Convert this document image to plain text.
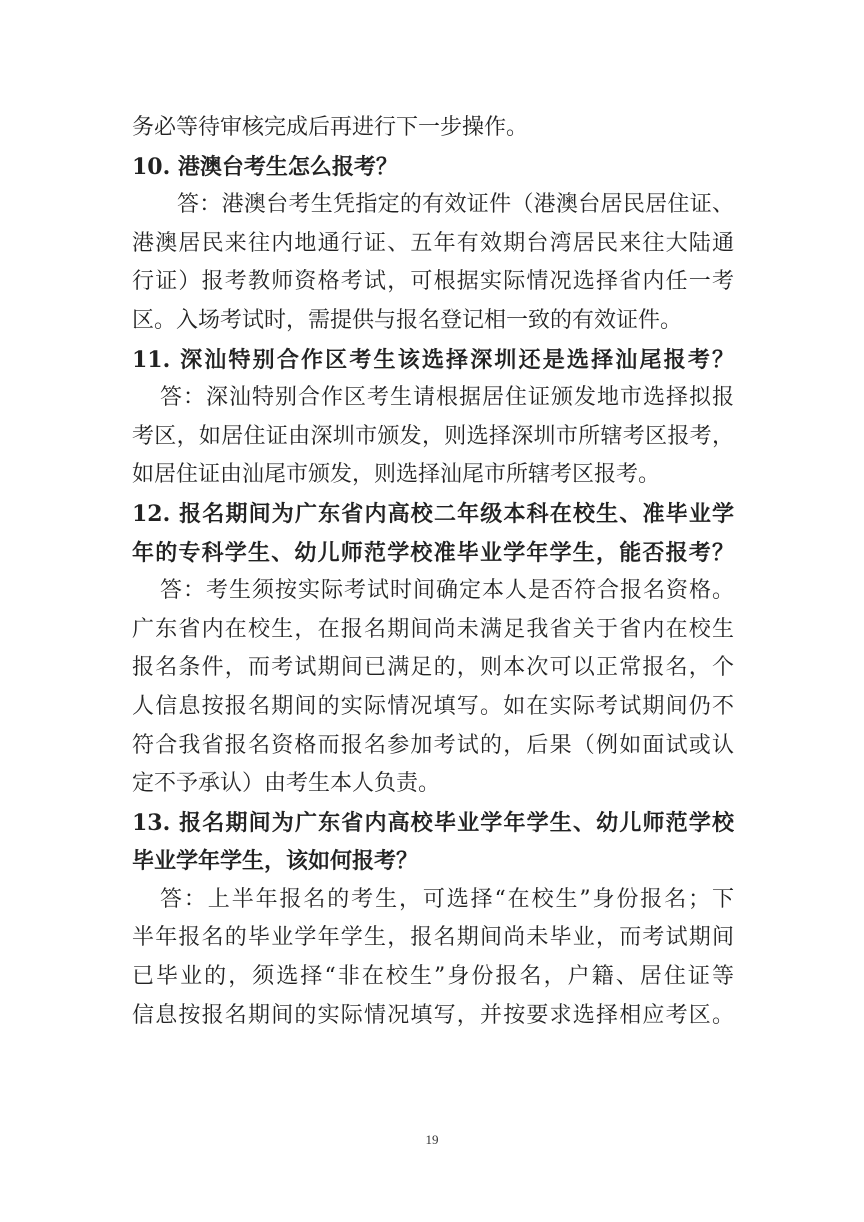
务必等待审核完成后再进行下一步操作。
10. 港澳台考生怎么报考？
答：港澳台考生凭指定的有效证件（港澳台居民居住证、
港澳居民来往内地通行证、五年有效期台湾居民来往大陆通
行证）报考教师资格考试，可根据实际情况选择省内任一考
区。入场考试时，需提供与报名登记相一致的有效证件。
11. 深汕特别合作区考生该选择深圳还是选择汕尾报考？
答：深汕特别合作区考生请根据居住证颁发地市选择拟报
考区，如居住证由深圳市颁发，则选择深圳市所辖考区报考，
如居住证由汕尾市颁发，则选择汕尾市所辖考区报考。
12. 报名期间为广东省内高校二年级本科在校生、准毕业学
年的专科学生、幼儿师范学校准毕业学年学生，能否报考？
答：考生须按实际考试时间确定本人是否符合报名资格。
广东省内在校生，在报名期间尚未满足我省关于省内在校生
报名条件，而考试期间已满足的，则本次可以正常报名，个
人信息按报名期间的实际情况填写。如在实际考试期间仍不
符合我省报名资格而报名参加考试的，后果（例如面试或认
定不予承认）由考生本人负责。
13. 报名期间为广东省内高校毕业学年学生、幼儿师范学校
毕业学年学生，该如何报考？
答：上半年报名的考生，可选择“在校生”身份报名；下
半年报名的毕业学年学生，报名期间尚未毕业，而考试期间
已毕业的，须选择“非在校生”身份报名，户籍、居住证等
信息按报名期间的实际情况填写，并按要求选择相应考区。
19
